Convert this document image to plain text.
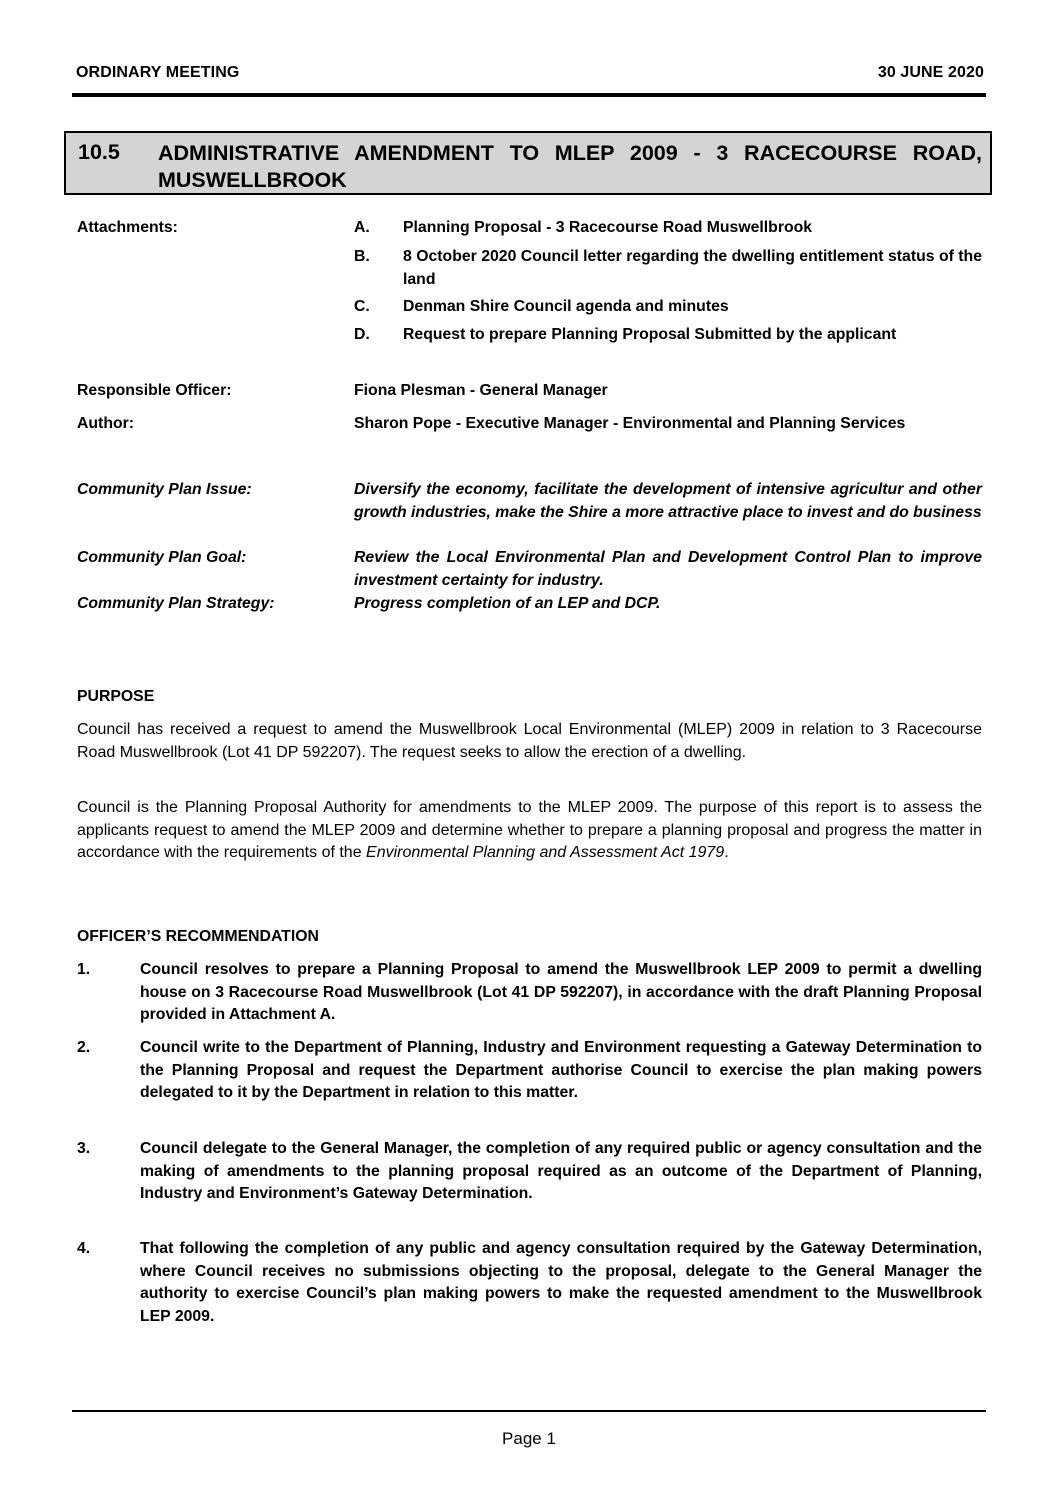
ORDINARY MEETING	30 JUNE 2020
10.5 ADMINISTRATIVE AMENDMENT TO MLEP 2009 - 3 RACECOURSE ROAD, MUSWELLBROOK
Attachments:	A. Planning Proposal - 3 Racecourse Road Muswellbrook
B. 8 October 2020 Council letter regarding the dwelling entitlement status of the land
C. Denman Shire Council agenda and minutes
D. Request to prepare Planning Proposal Submitted by the applicant
Responsible Officer:	Fiona Plesman - General Manager
Author:	Sharon Pope - Executive Manager - Environmental and Planning Services
Community Plan Issue:	Diversify the economy, facilitate the development of intensive agricultur and other growth industries, make the Shire a more attractive place to invest and do business
Community Plan Goal:	Review the Local Environmental Plan and Development Control Plan to improve investment certainty for industry.
Community Plan Strategy:	Progress completion of an LEP and DCP.
PURPOSE
Council has received a request to amend the Muswellbrook Local Environmental (MLEP) 2009 in relation to 3 Racecourse Road Muswellbrook (Lot 41 DP 592207). The request seeks to allow the erection of a dwelling.
Council is the Planning Proposal Authority for amendments to the MLEP 2009. The purpose of this report is to assess the applicants request to amend the MLEP 2009 and determine whether to prepare a planning proposal and progress the matter in accordance with the requirements of the Environmental Planning and Assessment Act 1979.
OFFICER’S RECOMMENDATION
1.	Council resolves to prepare a Planning Proposal to amend the Muswellbrook LEP 2009 to permit a dwelling house on 3 Racecourse Road Muswellbrook (Lot 41 DP 592207), in accordance with the draft Planning Proposal provided in Attachment A.
2.	Council write to the Department of Planning, Industry and Environment requesting a Gateway Determination to the Planning Proposal and request the Department authorise Council to exercise the plan making powers delegated to it by the Department in relation to this matter.
3.	Council delegate to the General Manager, the completion of any required public or agency consultation and the making of amendments to the planning proposal required as an outcome of the Department of Planning, Industry and Environment’s Gateway Determination.
4.	That following the completion of any public and agency consultation required by the Gateway Determination, where Council receives no submissions objecting to the proposal, delegate to the General Manager the authority to exercise Council’s plan making powers to make the requested amendment to the Muswellbrook LEP 2009.
Page 1
